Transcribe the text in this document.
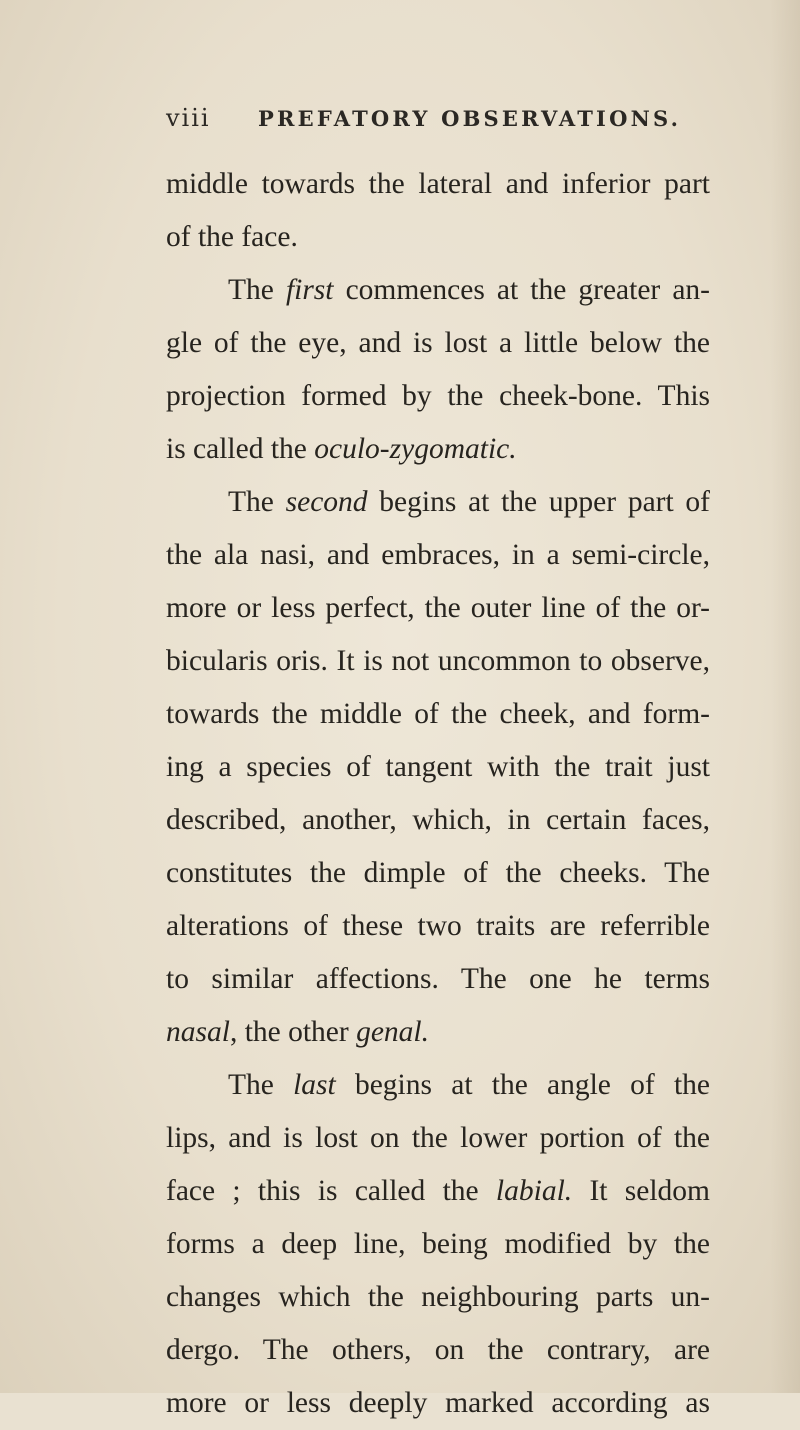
viii PREFATORY OBSERVATIONS.
middle towards the lateral and inferior part
of the face.
The first commences at the greater an-
gle of the eye, and is lost a little below the
projection formed by the cheek-bone. This
is called the oculo-zygomatic.
The second begins at the upper part of
the ala nasi, and embraces, in a semi-circle,
more or less perfect, the outer line of the or-
bicularis oris. It is not uncommon to observe,
towards the middle of the cheek, and form-
ing a species of tangent with the trait just
described, another, which, in certain faces,
constitutes the dimple of the cheeks. The
alterations of these two traits are referrible
to similar affections. The one he terms
nasal, the other genal.
The last begins at the angle of the
lips, and is lost on the lower portion of the
face ; this is called the labial. It seldom
forms a deep line, being modified by the
changes which the neighbouring parts un-
dergo. The others, on the contrary, are
more or less deeply marked according as
